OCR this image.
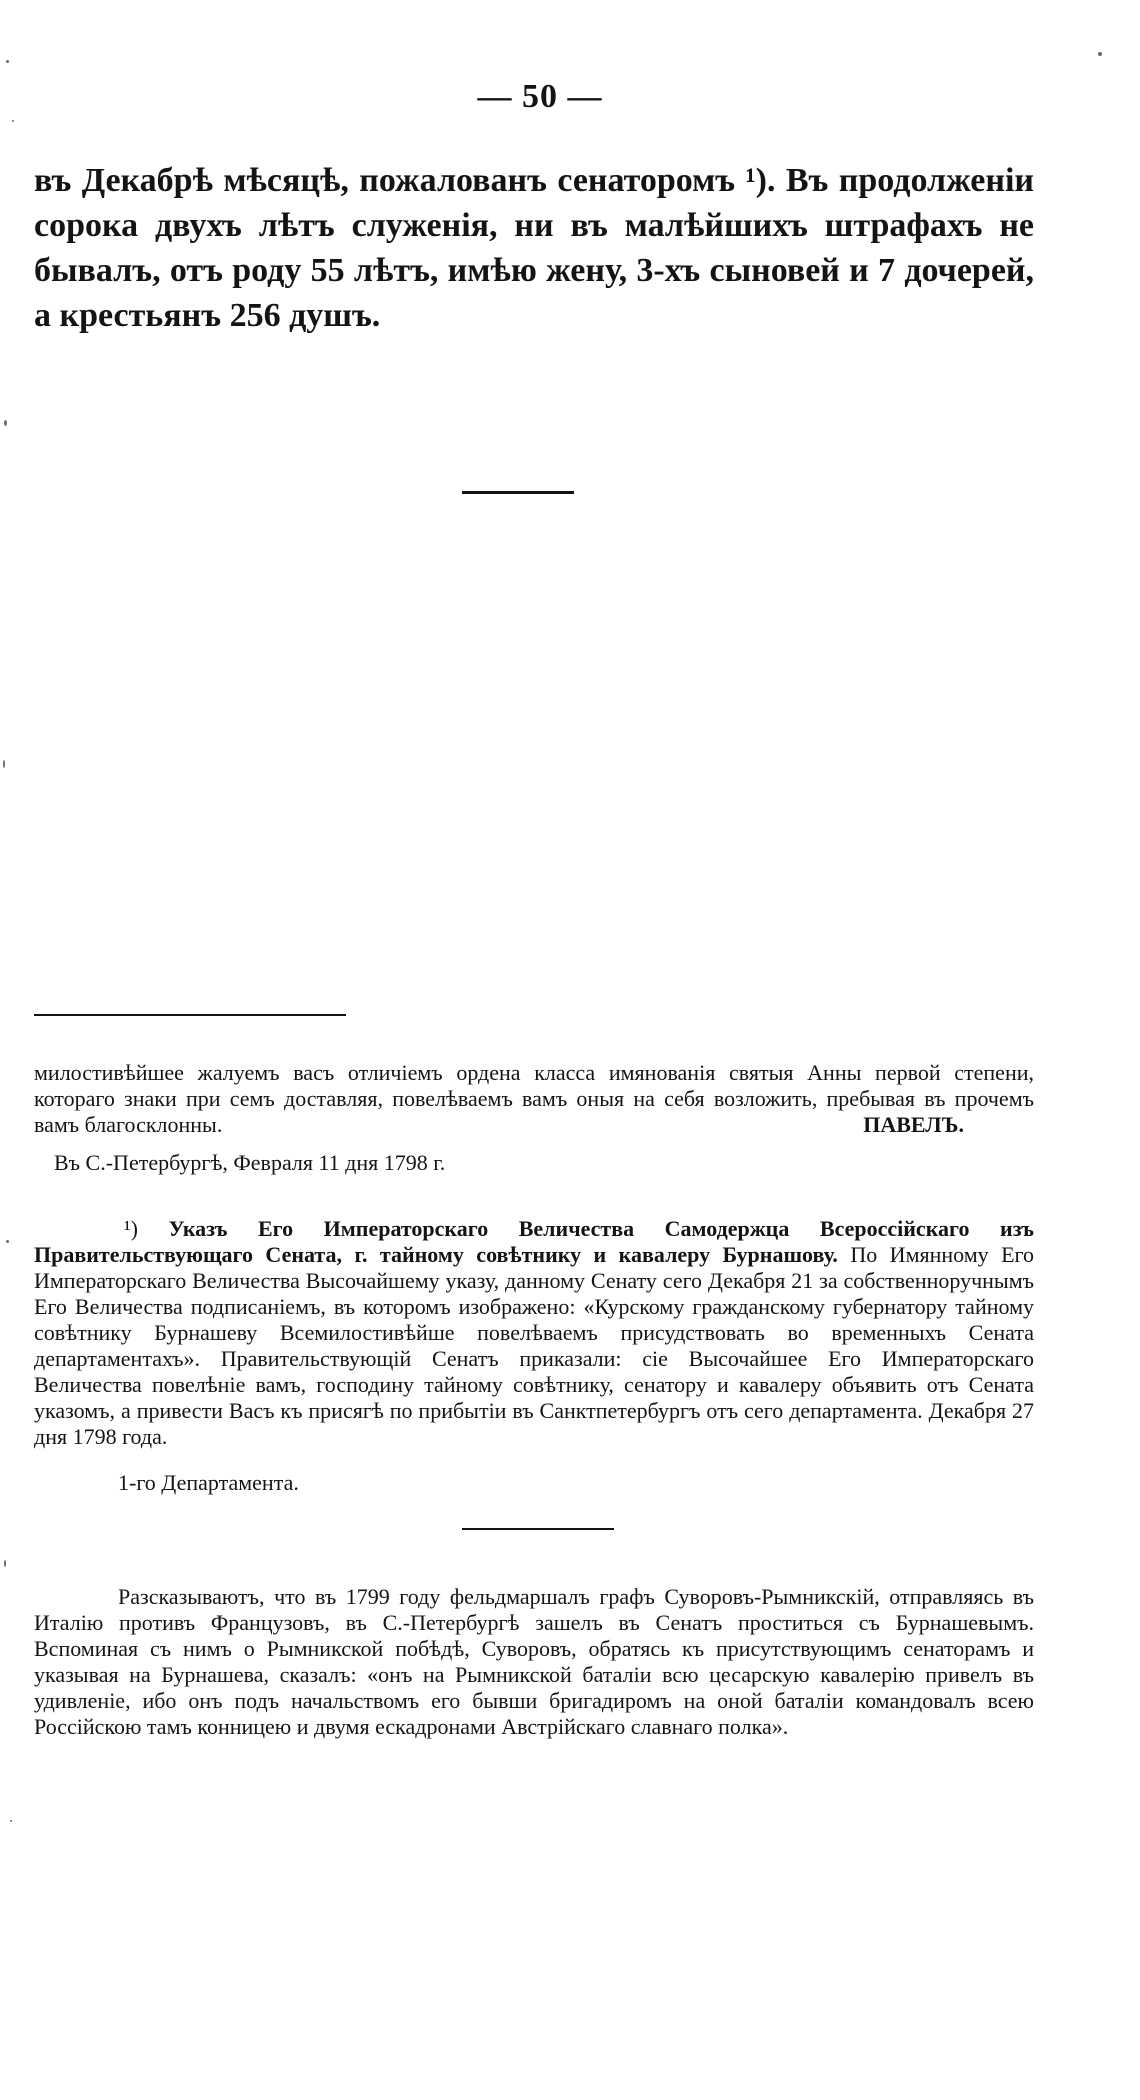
— 50 —

въ Декабрѣ мѣсяцѣ, пожалованъ сенаторомъ ¹). Въ продолженіи сорока двухъ лѣтъ служенія, ни въ малѣйшихъ штрафахъ не бывалъ, отъ роду 55 лѣтъ, имѣю жену, 3-хъ сыновей и 7 дочерей, а крестьянъ 256 душъ.

милостивѣйшее жалуемъ васъ отличіемъ ордена класса имянованія святыя Анны первой степени, котораго знаки при семъ доставляя, повелѣваемъ вамъ оныя на себя возложить, пребывая въ прочемъ вамъ благосклонны.	ПАВЕЛЪ.
Въ С.-Петербургѣ, Февраля 11 дня 1798 г.
¹) Указъ Его Императорскаго Величества Самодержца Всероссійскаго изъ Правительствующаго Сената, г. тайному совѣтнику и кавалеру Бурнашову. По Имянному Его Императорскаго Величества Высочайшему указу, данному Сенату сего Декабря 21 за собственноручнымъ Его Величества подписаніемъ, въ которомъ изображено: «Курскому гражданскому губернатору тайному совѣтнику Бурнашеву Всемилостивѣйше повелѣваемъ присудствовать во временныхъ Сената департаментахъ». Правительствующій Сенатъ приказали: сіе Высочайшее Его Императорскаго Величества повелѣніе вамъ, господину тайному совѣтнику, сенатору и кавалеру объявить отъ Сената указомъ, а привести Васъ къ присягѣ по прибытіи въ Санктпетербургъ отъ сего департамента. Декабря 27 дня 1798 года.
1-го Департамента.
Разсказываютъ, что въ 1799 году фельдмаршалъ графъ Суворовъ-Рымникскій, отправляясь въ Италію противъ Французовъ, въ С.-Петербургѣ зашелъ въ Сенатъ проститься съ Бурнашевымъ. Вспоминая съ нимъ о Рымникской побѣдѣ, Суворовъ, обратясь къ присутствующимъ сенаторамъ и указывая на Бурнашева, сказалъ: «онъ на Рымникской баталіи всю цесарскую кавалерію привелъ въ удивленіе, ибо онъ подъ начальствомъ его бывши бригадиромъ на оной баталіи командовалъ всею Россійскою тамъ конницею и двумя ескадронами Австрійскаго славнаго полка».
